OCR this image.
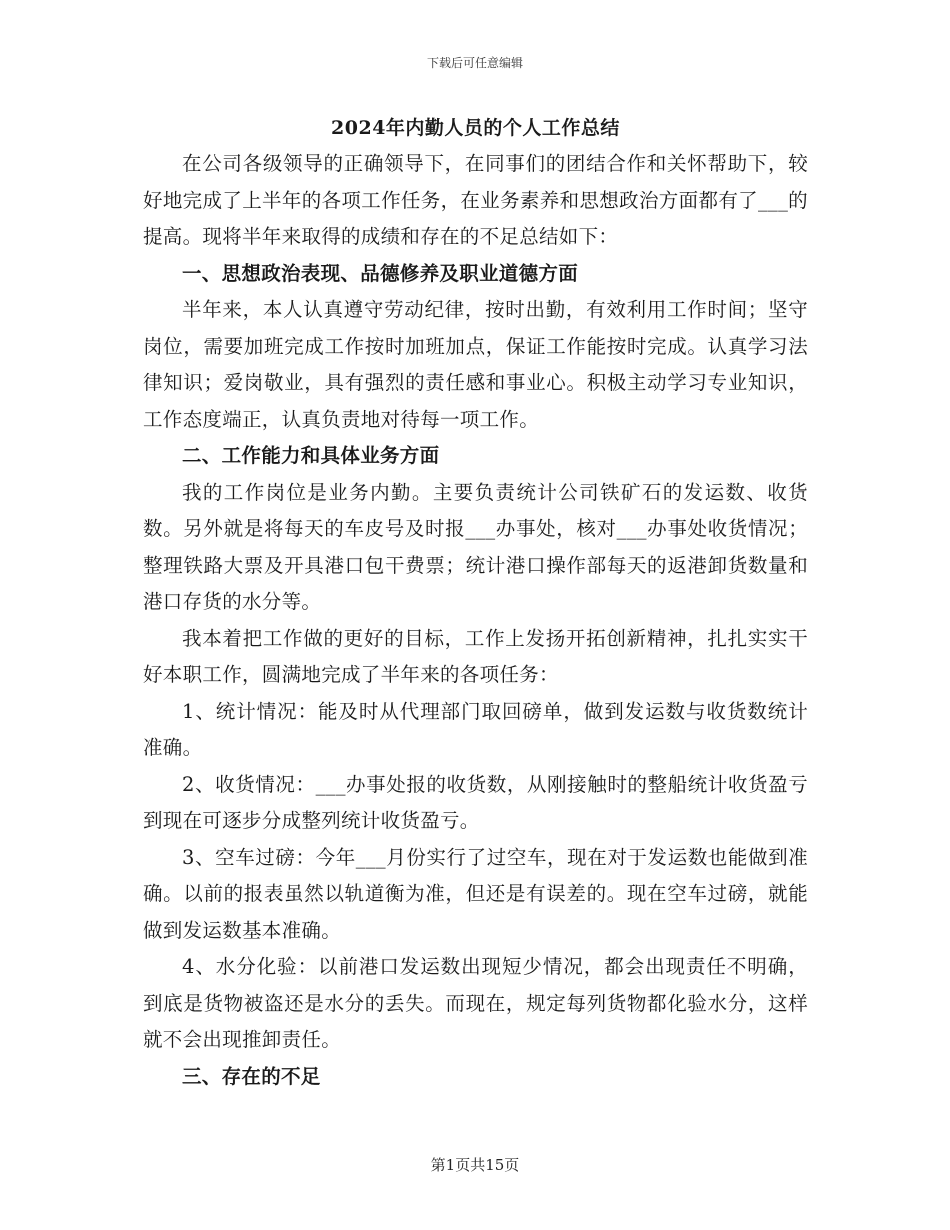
下载后可任意编辑
2024年内勤人员的个人工作总结

在公司各级领导的正确领导下，在同事们的团结合作和关怀帮助下，较好地完成了上半年的各项工作任务，在业务素养和思想政治方面都有了___的提高。现将半年来取得的成绩和存在的不足总结如下：

一、思想政治表现、品德修养及职业道德方面

半年来，本人认真遵守劳动纪律，按时出勤，有效利用工作时间；坚守岗位，需要加班完成工作按时加班加点，保证工作能按时完成。认真学习法律知识；爱岗敬业，具有强烈的责任感和事业心。积极主动学习专业知识，工作态度端正，认真负责地对待每一项工作。

二、工作能力和具体业务方面

我的工作岗位是业务内勤。主要负责统计公司铁矿石的发运数、收货数。另外就是将每天的车皮号及时报___办事处，核对___办事处收货情况；整理铁路大票及开具港口包干费票；统计港口操作部每天的返港卸货数量和港口存货的水分等。

我本着把工作做的更好的目标，工作上发扬开拓创新精神，扎扎实实干好本职工作，圆满地完成了半年来的各项任务：

1、统计情况：能及时从代理部门取回磅单，做到发运数与收货数统计准确。

2、收货情况：___办事处报的收货数，从刚接触时的整船统计收货盈亏到现在可逐步分成整列统计收货盈亏。

3、空车过磅：今年___月份实行了过空车，现在对于发运数也能做到准确。以前的报表虽然以轨道衡为准，但还是有误差的。现在空车过磅，就能做到发运数基本准确。

4、水分化验：以前港口发运数出现短少情况，都会出现责任不明确，到底是货物被盗还是水分的丢失。而现在，规定每列货物都化验水分，这样就不会出现推卸责任。

三、存在的不足

第1页共15页
